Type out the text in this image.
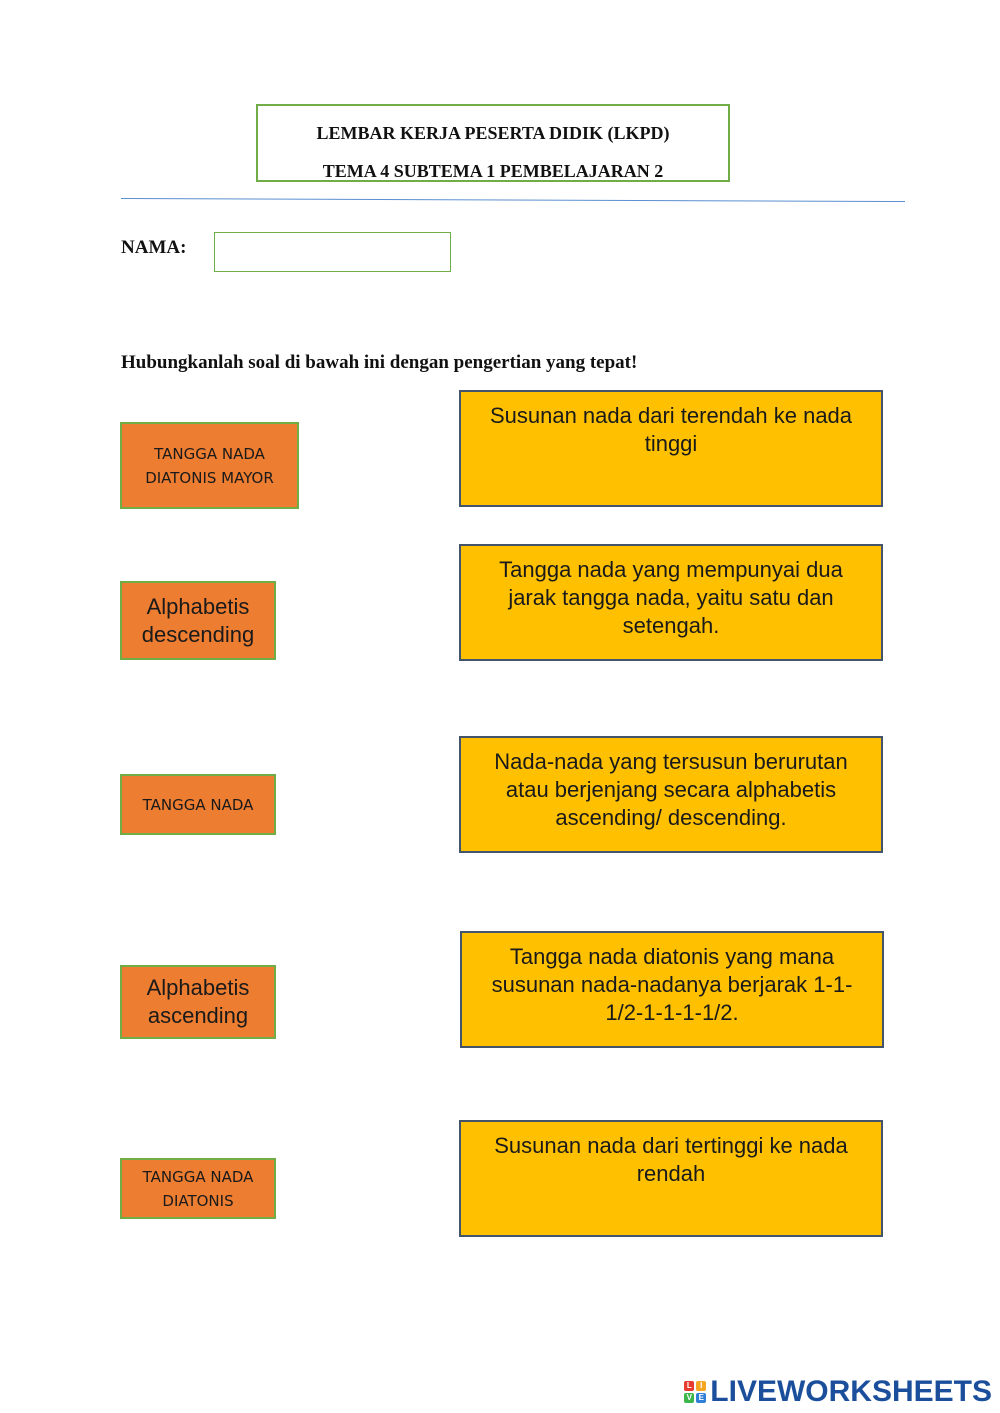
LEMBAR KERJA PESERTA DIDIK (LKPD)
TEMA 4 SUBTEMA 1 PEMBELAJARAN 2
NAMA:
Hubungkanlah soal di bawah ini dengan pengertian yang tepat!
TANGGA NADA DIATONIS MAYOR
Alphabetis descending
TANGGA NADA
Alphabetis ascending
TANGGA NADA DIATONIS
Susunan nada dari terendah ke nada tinggi
Tangga nada yang mempunyai dua jarak tangga nada, yaitu satu dan setengah.
Nada-nada yang tersusun berurutan atau berjenjang secara alphabetis ascending/ descending.
Tangga nada diatonis yang mana susunan nada-nadanya berjarak 1-1-1/2-1-1-1-1/2.
Susunan nada dari tertinggi ke nada rendah
L	I
V E LIVEWORKSHEETS
